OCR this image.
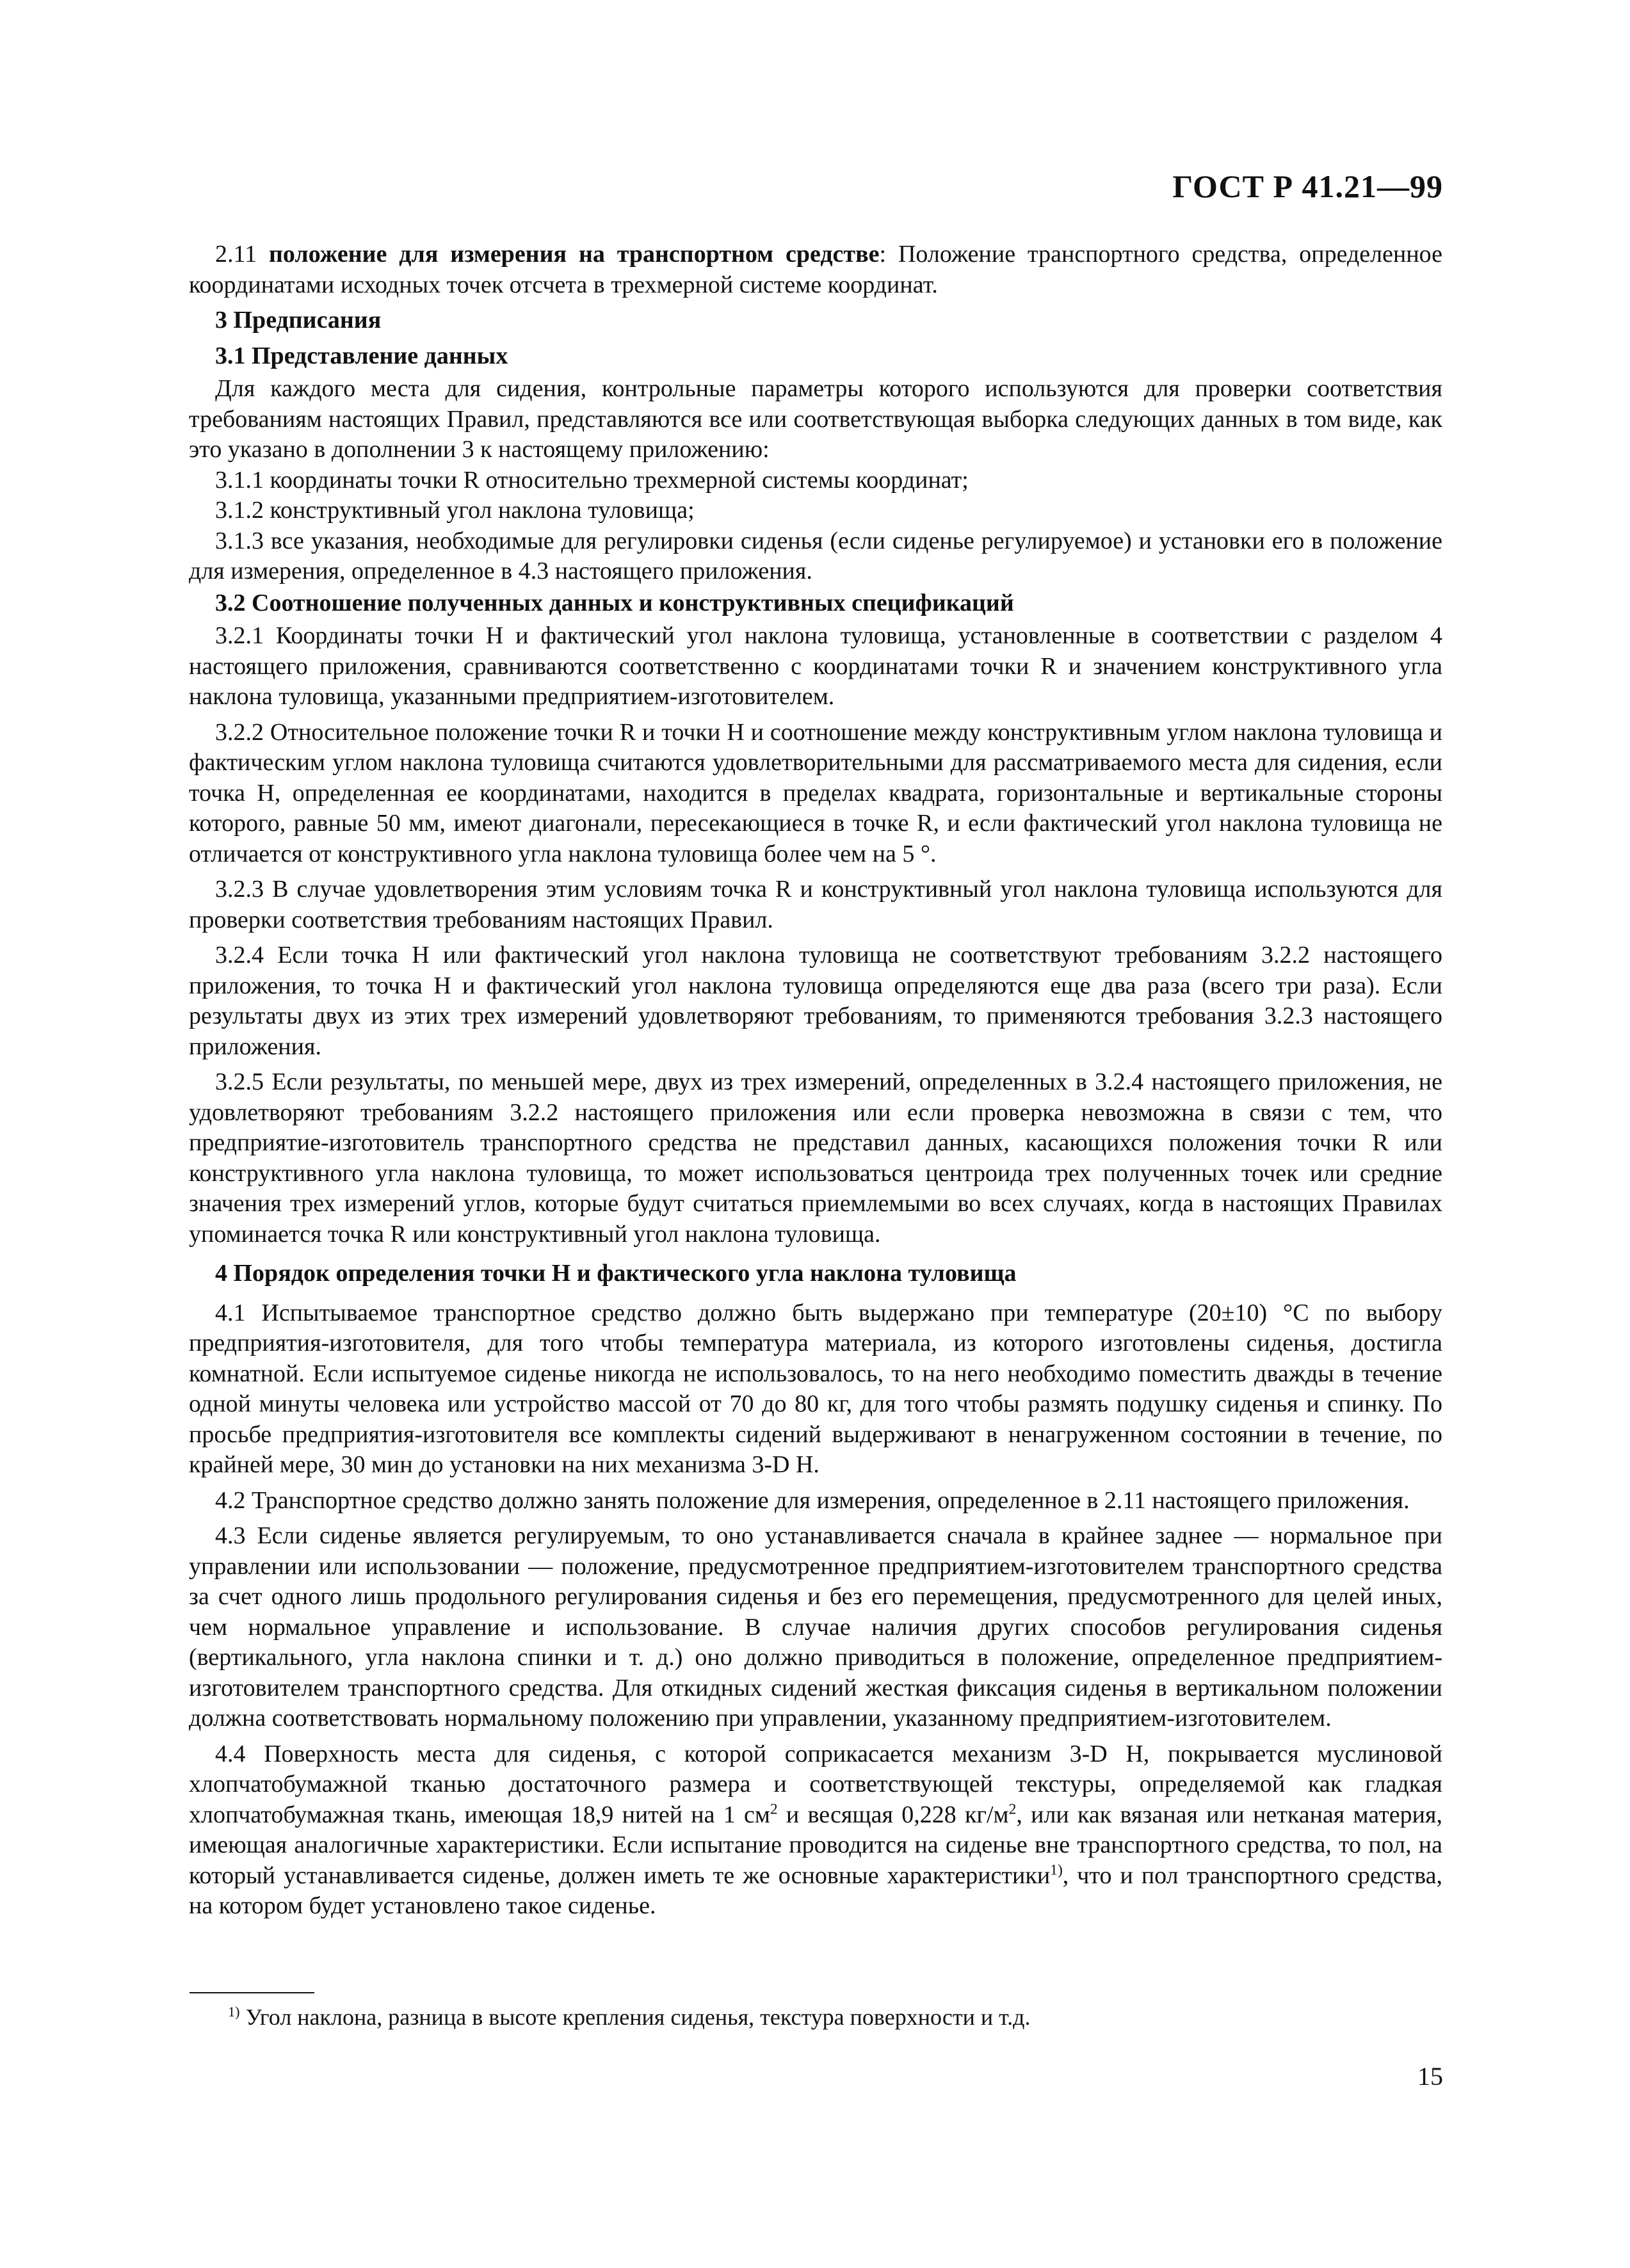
ГОСТ Р 41.21—99

2.11 положение для измерения на транспортном средстве: Положение транспортного средства, определенное координатами исходных точек отсчета в трехмерной системе координат.

3 Предписания

3.1 Представление данных

Для каждого места для сидения, контрольные параметры которого используются для проверки соответствия требованиям настоящих Правил, представляются все или соответствующая выборка следующих данных в том виде, как это указано в дополнении 3 к настоящему приложению:

3.1.1 координаты точки R относительно трехмерной системы координат;

3.1.2 конструктивный угол наклона туловища;

3.1.3 все указания, необходимые для регулировки сиденья (если сиденье регулируемое) и установки его в положение для измерения, определенное в 4.3 настоящего приложения.

3.2 Соотношение полученных данных и конструктивных спецификаций

3.2.1 Координаты точки H и фактический угол наклона туловища, установленные в соответствии с разделом 4 настоящего приложения, сравниваются соответственно с координатами точки R и значением конструктивного угла наклона туловища, указанными предприятием-изготовителем.

3.2.2 Относительное положение точки R и точки H и соотношение между конструктивным углом наклона туловища и фактическим углом наклона туловища считаются удовлетворительными для рассматриваемого места для сидения, если точка H, определенная ее координатами, находится в пределах квадрата, горизонтальные и вертикальные стороны которого, равные 50 мм, имеют диагонали, пересекающиеся в точке R, и если фактический угол наклона туловища не отличается от конструктивного угла наклона туловища более чем на 5 °.

3.2.3 В случае удовлетворения этим условиям точка R и конструктивный угол наклона туловища используются для проверки соответствия требованиям настоящих Правил.

3.2.4 Если точка H или фактический угол наклона туловища не соответствуют требованиям 3.2.2 настоящего приложения, то точка H и фактический угол наклона туловища определяются еще два раза (всего три раза). Если результаты двух из этих трех измерений удовлетворяют требованиям, то применяются требования 3.2.3 настоящего приложения.

3.2.5 Если результаты, по меньшей мере, двух из трех измерений, определенных в 3.2.4 настоящего приложения, не удовлетворяют требованиям 3.2.2 настоящего приложения или если проверка невозможна в связи с тем, что предприятие-изготовитель транспортного средства не представил данных, касающихся положения точки R или конструктивного угла наклона туловища, то может использоваться центроида трех полученных точек или средние значения трех измерений углов, которые будут считаться приемлемыми во всех случаях, когда в настоящих Правилах упоминается точка R или конструктивный угол наклона туловища.

4 Порядок определения точки H и фактического угла наклона туловища

4.1 Испытываемое транспортное средство должно быть выдержано при температуре (20±10) °С по выбору предприятия-изготовителя, для того чтобы температура материала, из которого изготовлены сиденья, достигла комнатной. Если испытуемое сиденье никогда не использовалось, то на него необходимо поместить дважды в течение одной минуты человека или устройство массой от 70 до 80 кг, для того чтобы размять подушку сиденья и спинку. По просьбе предприятия-изготовителя все комплекты сидений выдерживают в ненагруженном состоянии в течение, по крайней мере, 30 мин до установки на них механизма 3-D H.

4.2 Транспортное средство должно занять положение для измерения, определенное в 2.11 настоящего приложения.

4.3 Если сиденье является регулируемым, то оно устанавливается сначала в крайнее заднее — нормальное при управлении или использовании — положение, предусмотренное предприятием-изготовителем транспортного средства за счет одного лишь продольного регулирования сиденья и без его перемещения, предусмотренного для целей иных, чем нормальное управление и использование. В случае наличия других способов регулирования сиденья (вертикального, угла наклона спинки и т. д.) оно должно приводиться в положение, определенное предприятием-изготовителем транспортного средства. Для откидных сидений жесткая фиксация сиденья в вертикальном положении должна соответствовать нормальному положению при управлении, указанному предприятием-изготовителем.

4.4 Поверхность места для сиденья, с которой соприкасается механизм 3-D H, покрывается муслиновой хлопчатобумажной тканью достаточного размера и соответствующей текстуры, определяемой как гладкая хлопчатобумажная ткань, имеющая 18,9 нитей на 1 $см^2$ и весящая 0,228 $кг/м^2$, или как вязаная или нетканая материя, имеющая аналогичные характеристики. Если испытание проводится на сиденье вне транспортного средства, то пол, на который устанавливается сиденье, должен иметь те же основные характеристики$^{1)}$, что и пол транспортного средства, на котором будет установлено такое сиденье.

$^{1)}$ Угол наклона, разница в высоте крепления сиденья, текстура поверхности и т.д.
15
